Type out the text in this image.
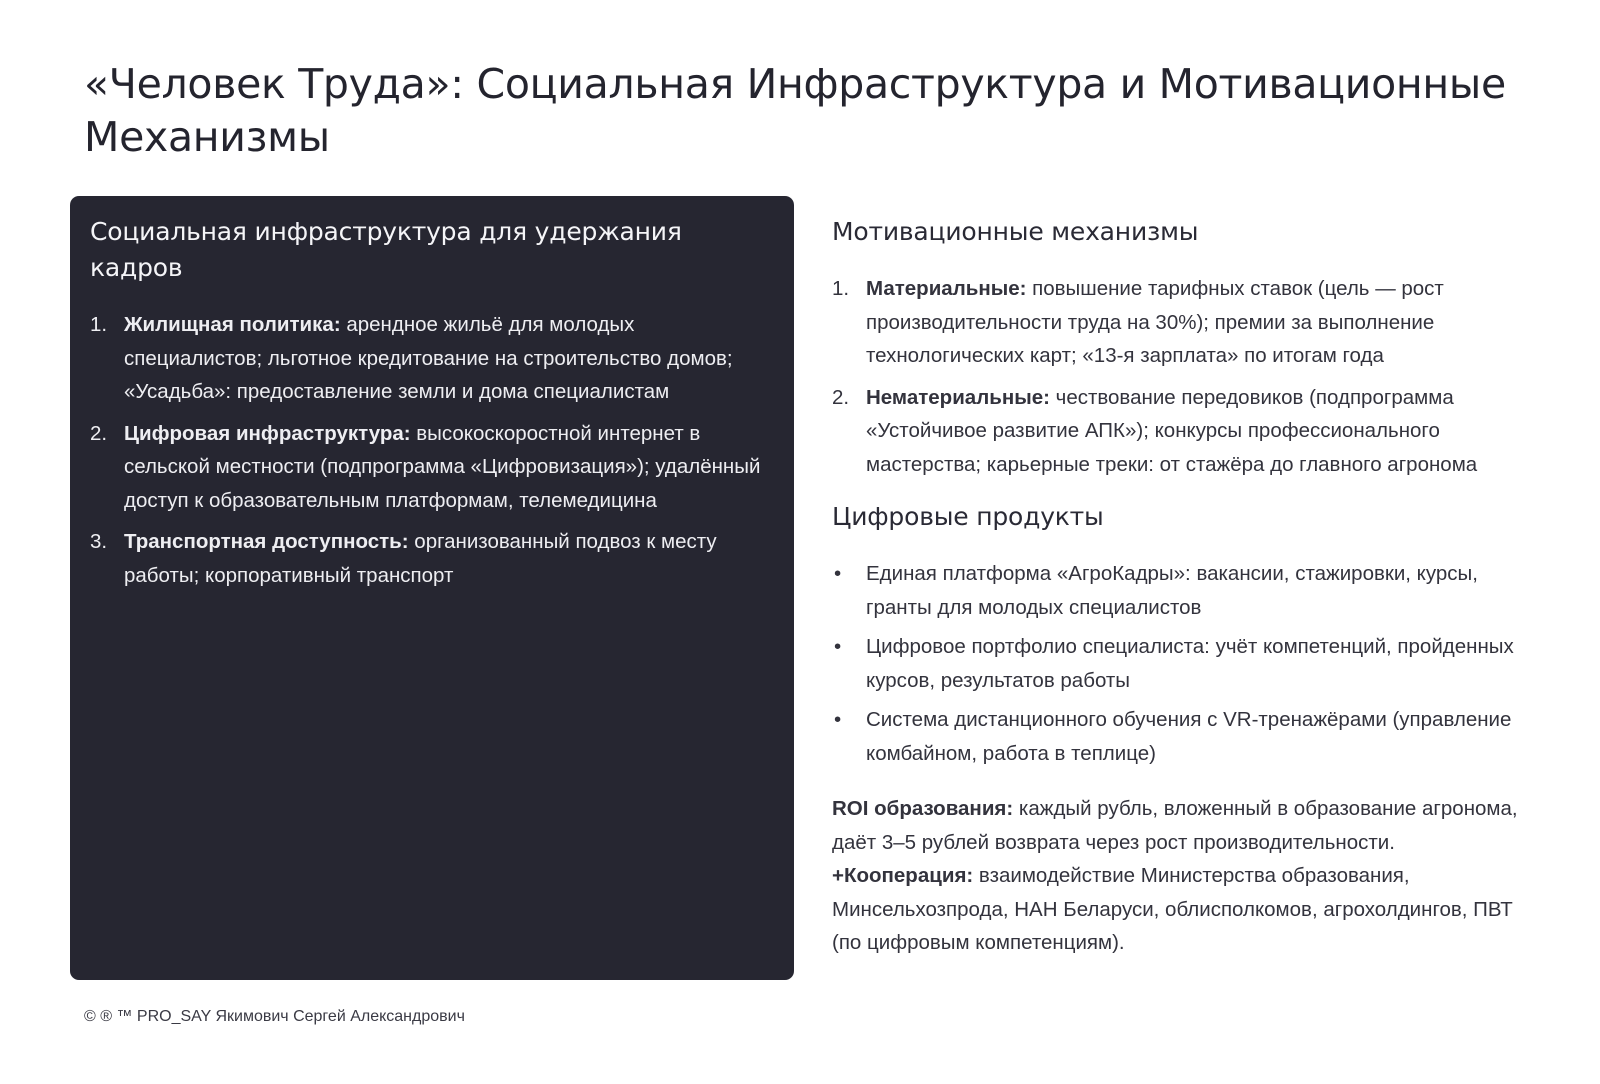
«Человек Труда»: Социальная Инфраструктура и Мотивационные Механизмы
Социальная инфраструктура для удержания кадров
1. Жилищная политика: арендное жильё для молодых специалистов; льготное кредитование на строительство домов; «Усадьба»: предоставление земли и дома специалистам
2. Цифровая инфраструктура: высокоскоростной интернет в сельской местности (подпрограмма «Цифровизация»); удалённый доступ к образовательным платформам, телемедицина
3. Транспортная доступность: организованный подвоз к месту работы; корпоративный транспорт
Мотивационные механизмы
1. Материальные: повышение тарифных ставок (цель — рост производительности труда на 30%); премии за выполнение технологических карт; «13-я зарплата» по итогам года
2. Нематериальные: чествование передовиков (подпрограмма «Устойчивое развитие АПК»); конкурсы профессионального мастерства; карьерные треки: от стажёра до главного агронома
Цифровые продукты
• Единая платформа «АгроКадры»: вакансии, стажировки, курсы, гранты для молодых специалистов
• Цифровое портфолио специалиста: учёт компетенций, пройденных курсов, результатов работы
• Система дистанционного обучения с VR-тренажёрами (управление комбайном, работа в теплице)

ROI образования: каждый рубль, вложенный в образование агронома, даёт 3–5 рублей возврата через рост производительности. +Кооперация: взаимодействие Министерства образования, Минсельхозпрода, НАН Беларуси, облисполкомов, агрохолдингов, ПВТ (по цифровым компетенциям).

© ® ™ PRO_SAY Якимович Сергей Александрович
